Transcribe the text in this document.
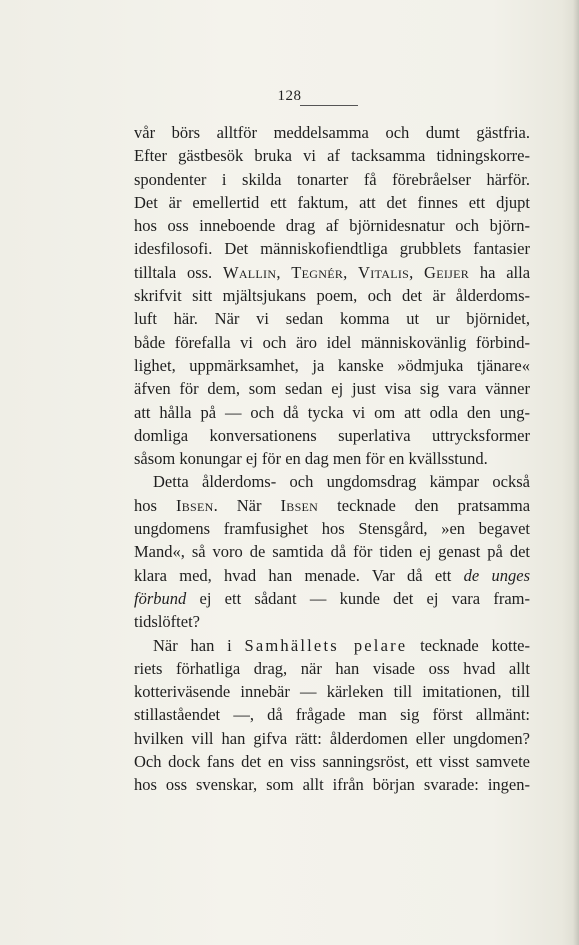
128
vår börs alltför meddelsamma och dumt gästfria.
Efter gästbesök bruka vi af tacksamma tidningskorre-
spondenter i skilda tonarter få förebråelser härför.
Det är emellertid ett faktum, att det finnes ett djupt
hos oss inneboende drag af björnidesnatur och björn-
idesfilosofi. Det människofiendtliga grubblets fantasier
tilltala oss. Wallin, Tegnér, Vitalis, Geijer ha alla
skrifvit sitt mjältsjukans poem, och det är ålderdoms-
luft här. När vi sedan komma ut ur björnidet,
både förefalla vi och äro idel människovänlig förbind-
lighet, uppmärksamhet, ja kanske »ödmjuka tjänare«
äfven för dem, som sedan ej just visa sig vara vänner
att hålla på — och då tycka vi om att odla den ung-
domliga konversationens superlativa uttrycksformer
såsom konungar ej för en dag men för en kvällsstund.
Detta ålderdoms- och ungdomsdrag kämpar också
hos Ibsen. När Ibsen tecknade den pratsamma
ungdomens framfusighet hos Stensgård, »en begavet
Mand«, så voro de samtida då för tiden ej genast på det
klara med, hvad han menade. Var då ett de unges
förbund ej ett sådant — kunde det ej vara fram-
tidslöftet?
När han i Samhällets pelare tecknade kotte-
riets förhatliga drag, när han visade oss hvad allt
kotteriväsende innebär — kärleken till imitationen, till
stillaståendet —, då frågade man sig först allmänt:
hvilken vill han gifva rätt: ålderdomen eller ungdomen?
Och dock fans det en viss sanningsröst, ett visst samvete
hos oss svenskar, som allt ifrån början svarade: ingen-
